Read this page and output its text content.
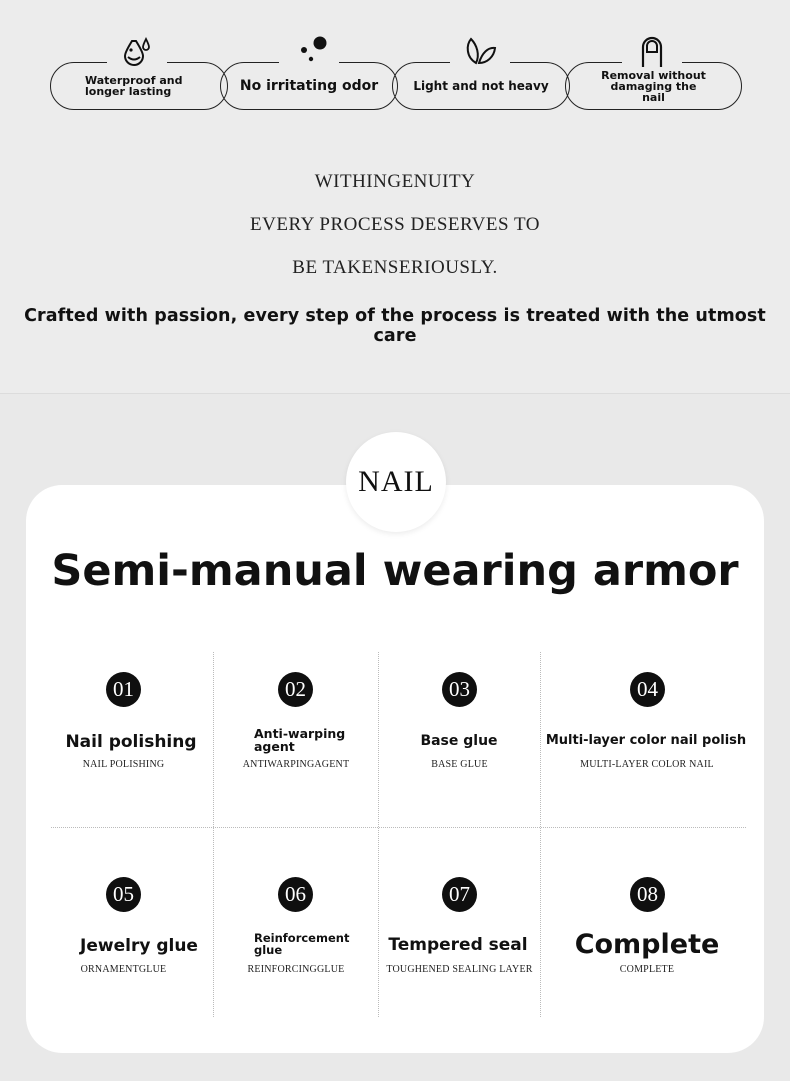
Waterproof and longer lasting	No irritating odor	Light and not heavy
Removal without damaging the nail
WITHINGENUITY
EVERY PROCESS DESERVES TO
BE TAKENSERIOUSLY.
Crafted with passion, every step of the process is treated with the utmost care
NAIL
Semi-manual wearing armor
01
Nail polishing
NAIL POLISHING
02
Anti-warping agent
ANTIWARPINGAGENT
03
Base glue
BASE GLUE
04
Multi-layer color nail polish
MULTI-LAYER COLOR NAIL
05
Jewelry glue
ORNAMENTGLUE
06
Reinforcement glue
REINFORCINGGLUE
07
Tempered seal
TOUGHENED SEALING LAYER
08
Complete
COMPLETE
